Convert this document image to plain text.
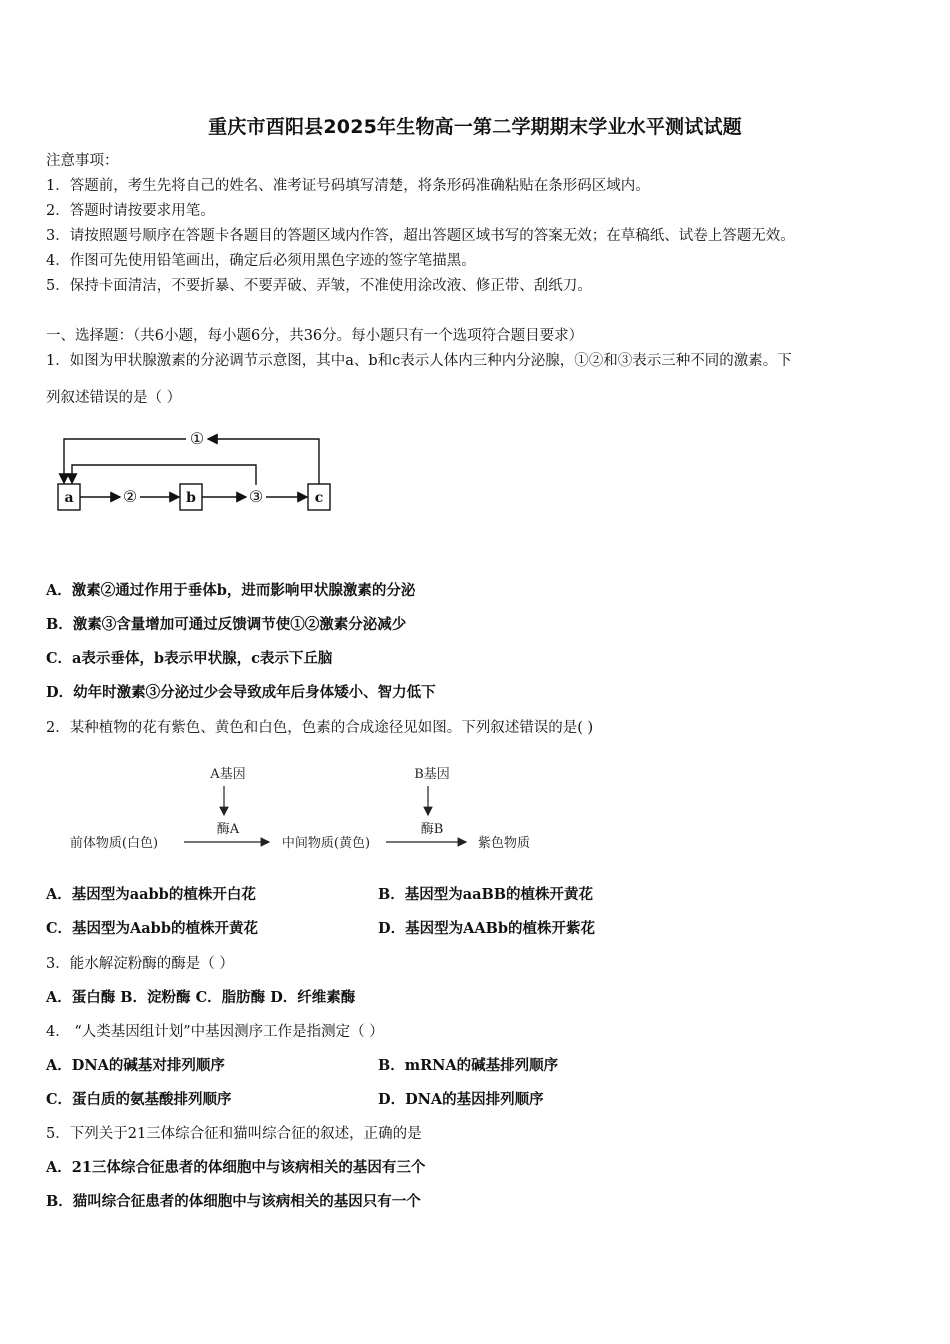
重庆市酉阳县2025年生物高一第二学期期末学业水平测试试题
注意事项：
1．答题前，考生先将自己的姓名、准考证号码填写清楚，将条形码准确粘贴在条形码区域内。
2．答题时请按要求用笔。
3．请按照题号顺序在答题卡各题目的答题区域内作答，超出答题区域书写的答案无效；在草稿纸、试卷上答题无效。
4．作图可先使用铅笔画出，确定后必须用黑色字迹的签字笔描黑。
5．保持卡面清洁，不要折暴、不要弄破、弄皱，不准使用涂改液、修正带、刮纸刀。
一、选择题：（共6小题，每小题6分，共36分。每小题只有一个选项符合题目要求）
1．如图为甲状腺激素的分泌调节示意图，其中a、b和c表示人体内三种内分泌腺，①②和③表示三种不同的激素。下
列叙述错误的是（ ）
a	b	c
①
②	③
A．激素②通过作用于垂体b，进而影响甲状腺激素的分泌
B．激素③含量增加可通过反馈调节使①②激素分泌减少
C．a表示垂体，b表示甲状腺，c表示下丘脑
D．幼年时激素③分泌过少会导致成年后身体矮小、智力低下
2．某种植物的花有紫色、黄色和白色，色素的合成途径见如图。下列叙述错误的是( )
A基因	B基因
酶A	酶B
前体物质(白色)	中间物质(黄色)	紫色物质
A．基因型为aabb的植株开白花	B．基因型为aaBB的植株开黄花
C．基因型为Aabb的植株开黄花	D．基因型为AABb的植株开紫花
3．能水解淀粉酶的酶是（ ）
A．蛋白酶 B．淀粉酶 C．脂肪酶 D．纤维素酶
4． “人类基因组计划”中基因测序工作是指测定（ ）
A．DNA的碱基对排列顺序	B．mRNA的碱基排列顺序
C．蛋白质的氨基酸排列顺序	D．DNA的基因排列顺序
5．下列关于21三体综合征和猫叫综合征的叙述，正确的是
A．21三体综合征患者的体细胞中与该病相关的基因有三个
B．猫叫综合征患者的体细胞中与该病相关的基因只有一个
